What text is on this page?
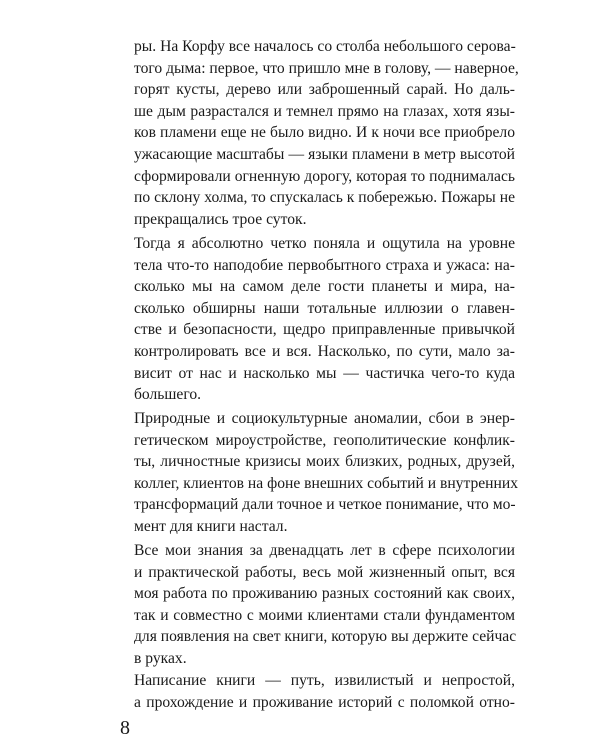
ры. На Корфу все началось со столба небольшого серова-
того дыма: первое, что пришло мне в голову, — наверное,
горят кусты, дерево или заброшенный сарай. Но даль-
ше дым разрастался и темнел прямо на глазах, хотя язы-
ков пламени еще не было видно. И к ночи все приобрело
ужасающие масштабы — языки пламени в метр высотой
сформировали огненную дорогу, которая то поднималась
по склону холма, то спускалась к побережью. Пожары не
прекращались трое суток.
Тогда я абсолютно четко поняла и ощутила на уровне
тела что-то наподобие первобытного страха и ужаса: на-
сколько мы на самом деле гости планеты и мира, на-
сколько обширны наши тотальные иллюзии о главен-
стве и безопасности, щедро приправленные привычкой
контролировать все и вся. Насколько, по сути, мало за-
висит от нас и насколько мы — частичка чего-то куда
большего.
Природные и социокультурные аномалии, сбои в энер-
гетическом мироустройстве, геополитические конфлик-
ты, личностные кризисы моих близких, родных, друзей,
коллег, клиентов на фоне внешних событий и внутренних
трансформаций дали точное и четкое понимание, что мо-
мент для книги настал.
Все мои знания за двенадцать лет в сфере психологии
и практической работы, весь мой жизненный опыт, вся
моя работа по проживанию разных состояний как своих,
так и совместно с моими клиентами стали фундаментом
для появления на свет книги, которую вы держите сейчас
в руках.
Написание книги — путь, извилистый и непростой,
а прохождение и проживание историй с поломкой отно-
8
